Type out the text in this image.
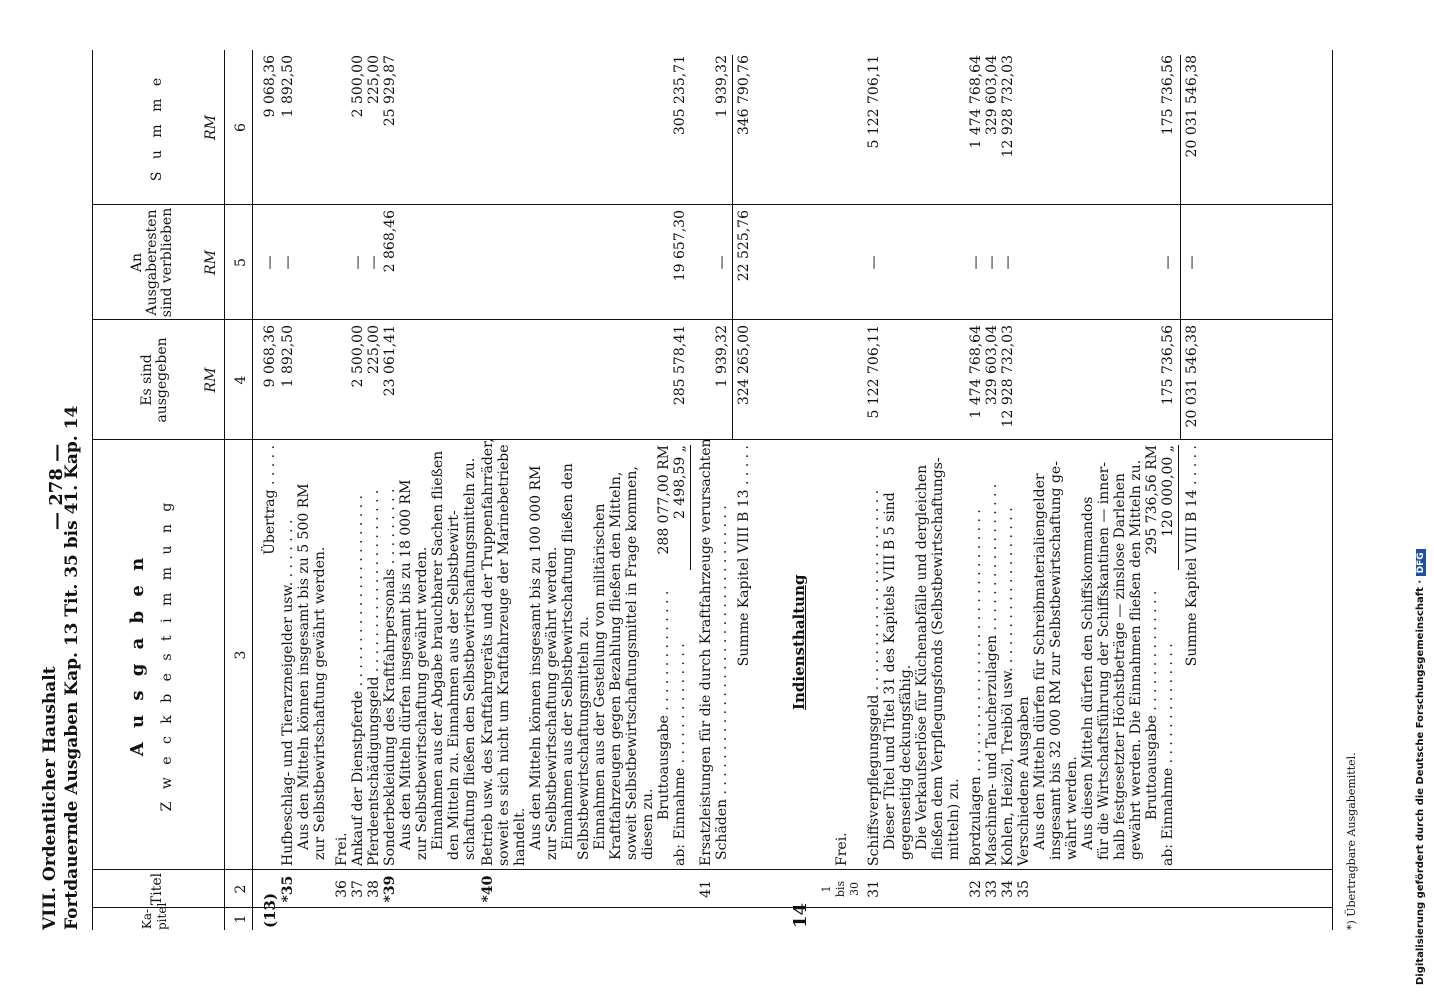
VIII. Ordentlicher Haushalt Fortdauernde Ausgaben Kap. 13 Tit. 35 bis 41. Kap. 14
— 278 —
Ka- pitel
Titel
A u s g a b e n Z w e c k b e s t i m m u n g
Es sind ausgegeben
An Ausgaberesten sind verblieben
S u m m e
RM
RM
RM
1
2
3
4
5
6
(13)
Übertrag . . . . .
9 068,36
—
9 068,36
*35
Hufbeschlag- und Tierarzneigelder usw. . . . . . . .
1 892,50
—
1 892,50
Aus den Mitteln können insgesamt bis zu 5 500 RM zur Selbstbewirtschaftung gewährt werden.
36
Frei.
37
Ankauf der Dienstpferde . . . . . . . . . . . . . . . . . . . . . .
2 500,00
—
2 500,00
38
Pferdeentschädigungsgeld . . . . . . . . . . . . . . . . . . . . .
225,00
—
225,00
*39
Sonderbekleidung des Kraftfahrpersonals . . . . . . . . .
23 061,41
2 868,46
25 929,87
Aus den Mitteln dürfen insgesamt bis zu 18 000 RM zur Selbstbewirtschaftung gewährt werden. Einnahmen aus der Abgabe brauchbarer Sachen fließen den Mitteln zu. Einnahmen aus der Selbstbewirt- schaftung fließen den Selbstbewirtschaftungsmitteln zu.
*40
Betrieb usw. des Kraftfahrgeräts und der Truppenfahrräder, soweit es sich nicht um Kraftfahrzeuge der Marinebetriebe handelt. Aus den Mitteln können insgesamt bis zu 100 000 RM zur Selbstbewirtschaftung gewährt werden. Einnahmen aus der Selbstbewirtschaftung fließen den Selbstbewirtschaftungsmitteln zu. Einnahmen aus der Gestellung von militärischen Kraftfahrzeugen gegen Bezahlung fließen den Mitteln, soweit Selbstbewirtschaftungsmittel in Frage kommen, diesen zu.
Bruttoausgabe . . . . . . . . . . . . . .
288 077,00 RM
ab: Einnahme . . . . . . . . . . . . . .
2 498,59 „
285 578,41
19 657,30
305 235,71
41
Ersatzleistungen für die durch Kraftfahrzeuge verursachten Schäden . . . . . . . . . . . . . . . . . . . . . . . . . . . . . . . . .
1 939,32
—
1 939,32
Summe Kapitel VIII B 13 . . . . .
324 265,00
22 525,76
346 790,76
14
Indiensthaltung
1 bis 30
Frei.
31
Schiffsverpflegungsgeld . . . . . . . . . . . . . . . . . . . . . . .
5 122 706,11
—
5 122 706,11
Dieser Titel und Titel 31 des Kapitels VIII B 5 sind gegenseitig deckungsfähig. Die Verkaufserlöse für Küchenabfälle und dergleichen fließen dem Verpflegungsfonds (Selbstbewirtschaftungs- mitteln) zu.
32
Bordzulagen . . . . . . . . . . . . . . . . . . . . . . . . . . . . . .
1 474 768,64
—
1 474 768,64
33
Maschinen- und Taucherzulagen . . . . . . . . . . . . . . . . .
329 603,04
—
329 603,04
34
Kohlen, Heizöl, Treiböl usw. . . . . . . . . . . . . . . . . . .
12 928 732,03
—
12 928 732,03
35
Verschiedene Ausgaben Aus den Mitteln dürfen für Schreibmaterialiengelder insgesamt bis 32 000 RM zur Selbstbewirtschaftung ge- währt werden. Aus diesen Mitteln dürfen den Schiffskommandos für die Wirtschaftsführung der Schiffskantinen — inner- halb festgesetzter Höchstbeträge — zinslose Darlehen gewährt werden. Die Einnahmen fließen den Mitteln zu. Bruttoausgabe . . . . . . . . . . . . . .
295 736,56 RM
ab: Einnahme . . . . . . . . . . . . . .
120 000,00 „
175 736,56
—
175 736,56
Summe Kapitel VIII B 14 . . . . .
20 031 546,38
—
20 031 546,38
*) Übertragbare Ausgabemittel.	Digitalisierung gefördert durch die Deutsche Forschungsgemeinschaft · DFG
